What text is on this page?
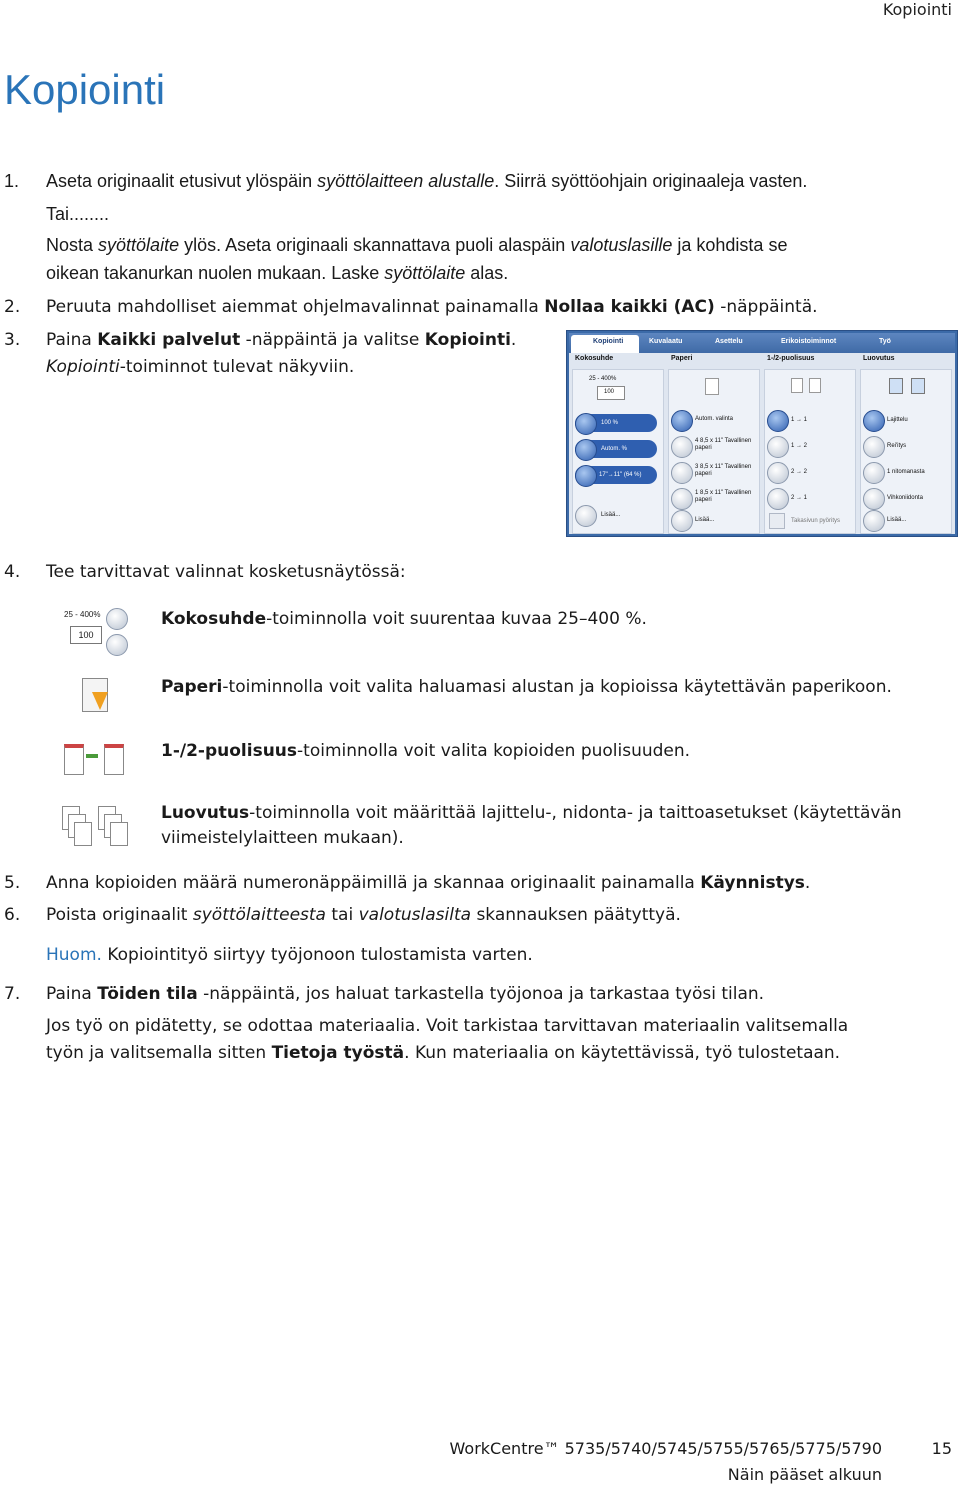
Kopiointi
Kopiointi
1. Aseta originaalit etusivut ylöspäin syöttölaitteen alustalle. Siirrä syöttöohjain originaaleja vasten.
Tai........
Nosta syöttölaite ylös. Aseta originaali skannattava puoli alaspäin valotuslasille ja kohdista se
oikean takanurkan nuolen mukaan. Laske syöttölaite alas.
2. Peruuta mahdolliset aiemmat ohjelmavalinnat painamalla Nollaa kaikki (AC) -näppäintä.
3. Paina Kaikki palvelut -näppäintä ja valitse Kopiointi.
Kopiointi-toiminnot tulevat näkyviin.
Kopiointi	Kuvalaatu	Asettelu	Erikoistoiminnot	Työ
Kokosuhde	Paperi	1-/2-puolisuus	Luovutus
25 - 400%
100
100 %
Autom. %
17"→11" (64 %)
Lisää...
Autom. valinta
4 8,5 x 11" Tavallinen paperi
3 8,5 x 11" Tavallinen paperi
1 8,5 x 11" Tavallinen paperi
Lisää...
1 → 1
1 → 2
2 → 2
2 → 1
Takasivun pyöritys
Lajittelu
Rei'itys
1 nitomanasta
Vihkoniidonta
Lisää...
4. Tee tarvittavat valinnat kosketusnäytössä:
25 - 400%
100
Kokosuhde-toiminnolla voit suurentaa kuvaa 25–400 %.
Paperi-toiminnolla voit valita haluamasi alustan ja kopioissa käytettävän paperikoon.
1-/2-puolisuus-toiminnolla voit valita kopioiden puolisuuden.
Luovutus-toiminnolla voit määrittää lajittelu-, nidonta- ja taittoasetukset (käytettävän
viimeistelylaitteen mukaan).
5. Anna kopioiden määrä numeronäppäimillä ja skannaa originaalit painamalla Käynnistys.
6. Poista originaalit syöttölaitteesta tai valotuslasilta skannauksen päätyttyä.
Huom. Kopiointityö siirtyy työjonoon tulostamista varten.
7. Paina Töiden tila -näppäintä, jos haluat tarkastella työjonoa ja tarkastaa työsi tilan.
Jos työ on pidätetty, se odottaa materiaalia. Voit tarkistaa tarvittavan materiaalin valitsemalla
työn ja valitsemalla sitten Tietoja työstä. Kun materiaalia on käytettävissä, työ tulostetaan.
WorkCentre™ 5735/5740/5745/5755/5765/5775/5790	15
Näin pääset alkuun
